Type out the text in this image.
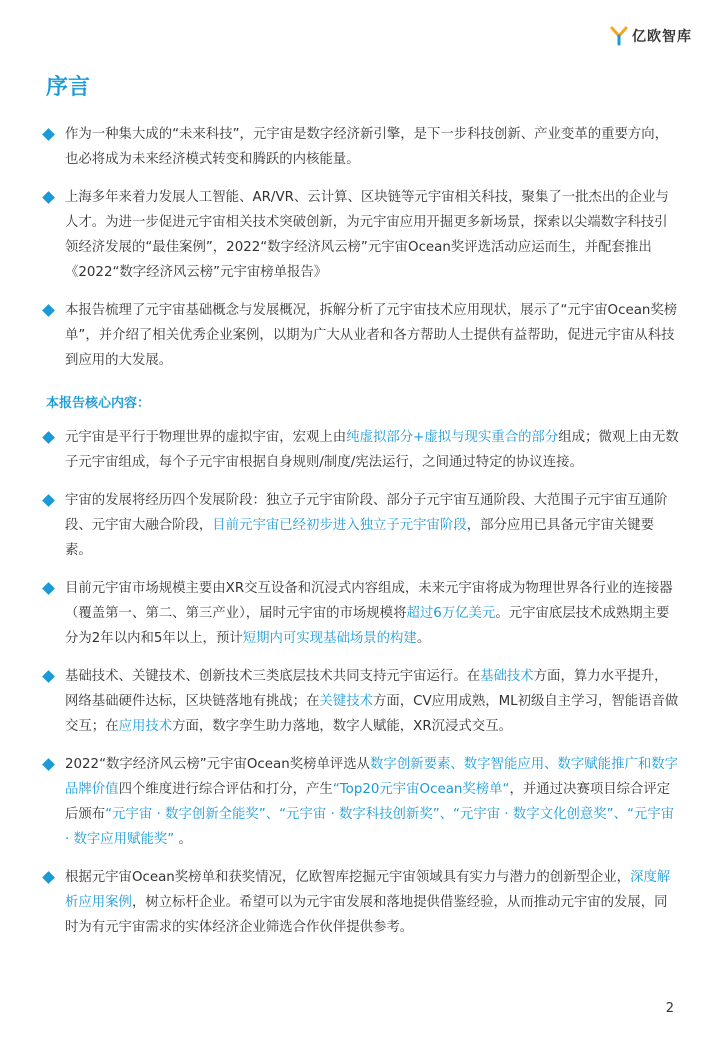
亿欧智库
序言
作为一种集大成的“未来科技”，元宇宙是数字经济新引擎，是下一步科技创新、产业变革的重要方向，也必将成为未来经济模式转变和腾跃的内核能量。
上海多年来着力发展人工智能、AR/VR、云计算、区块链等元宇宙相关科技，聚集了一批杰出的企业与人才。为进一步促进元宇宙相关技术突破创新，为元宇宙应用开掘更多新场景，探索以尖端数字科技引领经济发展的“最佳案例”，2022“数字经济风云榜”元宇宙Ocean奖评选活动应运而生，并配套推出《2022“数字经济风云榜”元宇宙榜单报告》
本报告梳理了元宇宙基础概念与发展概况，拆解分析了元宇宙技术应用现状，展示了“元宇宙Ocean奖榜单”，并介绍了相关优秀企业案例，以期为广大从业者和各方帮助人士提供有益帮助，促进元宇宙从科技到应用的大发展。
本报告核心内容：
元宇宙是平行于物理世界的虚拟宇宙，宏观上由纯虚拟部分+虚拟与现实重合的部分组成；微观上由无数子元宇宙组成，每个子元宇宙根据自身规则/制度/宪法运行，之间通过特定的协议连接。
宇宙的发展将经历四个发展阶段：独立子元宇宙阶段、部分子元宇宙互通阶段、大范围子元宇宙互通阶段、元宇宙大融合阶段，目前元宇宙已经初步进入独立子元宇宙阶段，部分应用已具备元宇宙关键要素。
目前元宇宙市场规模主要由XR交互设备和沉浸式内容组成，未来元宇宙将成为物理世界各行业的连接器（覆盖第一、第二、第三产业），届时元宇宙的市场规模将超过6万亿美元。元宇宙底层技术成熟期主要分为2年以内和5年以上，预计短期内可实现基础场景的构建。
基础技术、关键技术、创新技术三类底层技术共同支持元宇宙运行。在基础技术方面，算力水平提升，网络基础硬件达标，区块链落地有挑战；在关键技术方面，CV应用成熟，ML初级自主学习，智能语音做交互；在应用技术方面，数字孪生助力落地，数字人赋能，XR沉浸式交互。
2022“数字经济风云榜”元宇宙Ocean奖榜单评选从数字创新要素、数字智能应用、数字赋能推广和数字品牌价值四个维度进行综合评估和打分，产生“Top20元宇宙Ocean奖榜单“，并通过决赛项目综合评定后颁布“元宇宙 · 数字创新全能奖”、“元宇宙 · 数字科技创新奖”、“元宇宙 · 数字文化创意奖”、“元宇宙 · 数字应用赋能奖” 。
根据元宇宙Ocean奖榜单和获奖情况，亿欧智库挖掘元宇宙领域具有实力与潜力的创新型企业，深度解析应用案例，树立标杆企业。希望可以为元宇宙发展和落地提供借鉴经验，从而推动元宇宙的发展，同时为有元宇宙需求的实体经济企业筛选合作伙伴提供参考。
2
